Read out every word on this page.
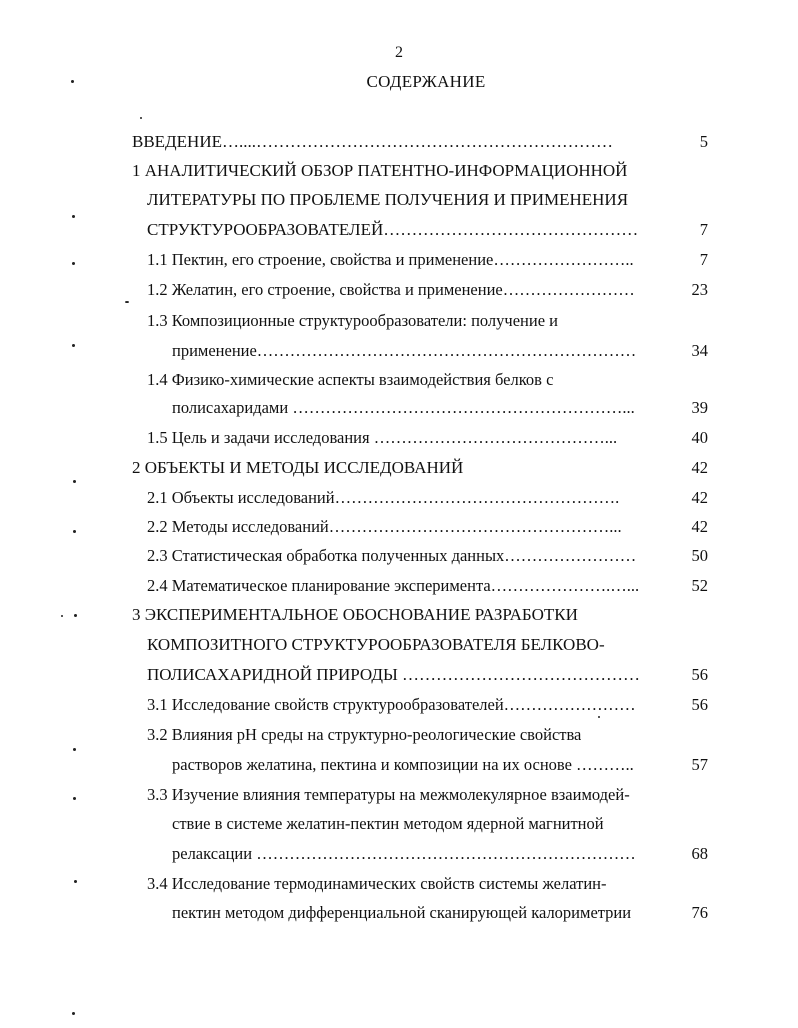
2
СОДЕРЖАНИЕ
ВВЕДЕНИЕ…....………………………………………………………	5
1 АНАЛИТИЧЕСКИЙ ОБЗОР ПАТЕНТНО-ИНФОРМАЦИОННОЙ
ЛИТЕРАТУРЫ ПО ПРОБЛЕМЕ ПОЛУЧЕНИЯ И ПРИМЕНЕНИЯ
СТРУКТУРООБРАЗОВАТЕЛЕЙ………………………………………	7
1.1 Пектин, его строение, свойства и применение……………………..	7
1.2 Желатин, его строение, свойства и применение……………………	23
1.3 Композиционные структурообразователи: получение и
применение……………………………………………………………	34
1.4 Физико-химические аспекты взаимодействия белков с
полисахаридами ……………………………………………………...	39
1.5 Цель и задачи исследования ……………………………………...	40
2 ОБЪЕКТЫ И МЕТОДЫ ИССЛЕДОВАНИЙ	42
2.1 Объекты исследований…………………………………………….	42
2.2 Методы исследований……………………………………………...	42
2.3 Статистическая обработка полученных данных……………………	50
2.4 Математическое планирование эксперимента………………….…...	52
3 ЭКСПЕРИМЕНТАЛЬНОЕ ОБОСНОВАНИЕ РАЗРАБОТКИ
КОМПОЗИТНОГО СТРУКТУРООБРАЗОВАТЕЛЯ БЕЛКОВО-
ПОЛИСАХАРИДНОЙ ПРИРОДЫ ……………………………………	56
3.1 Исследование свойств структурообразователей……………………	56
3.2 Влияния рН среды на структурно-реологические свойства
растворов желатина, пектина и композиции на их основе ………..	57
3.3 Изучение влияния температуры на межмолекулярное взаимодей-
ствие в системе желатин-пектин методом ядерной магнитной
релаксации ……………………………………………………………	68
3.4 Исследование термодинамических свойств системы желатин-
пектин методом дифференциальной сканирующей калориметрии	76
